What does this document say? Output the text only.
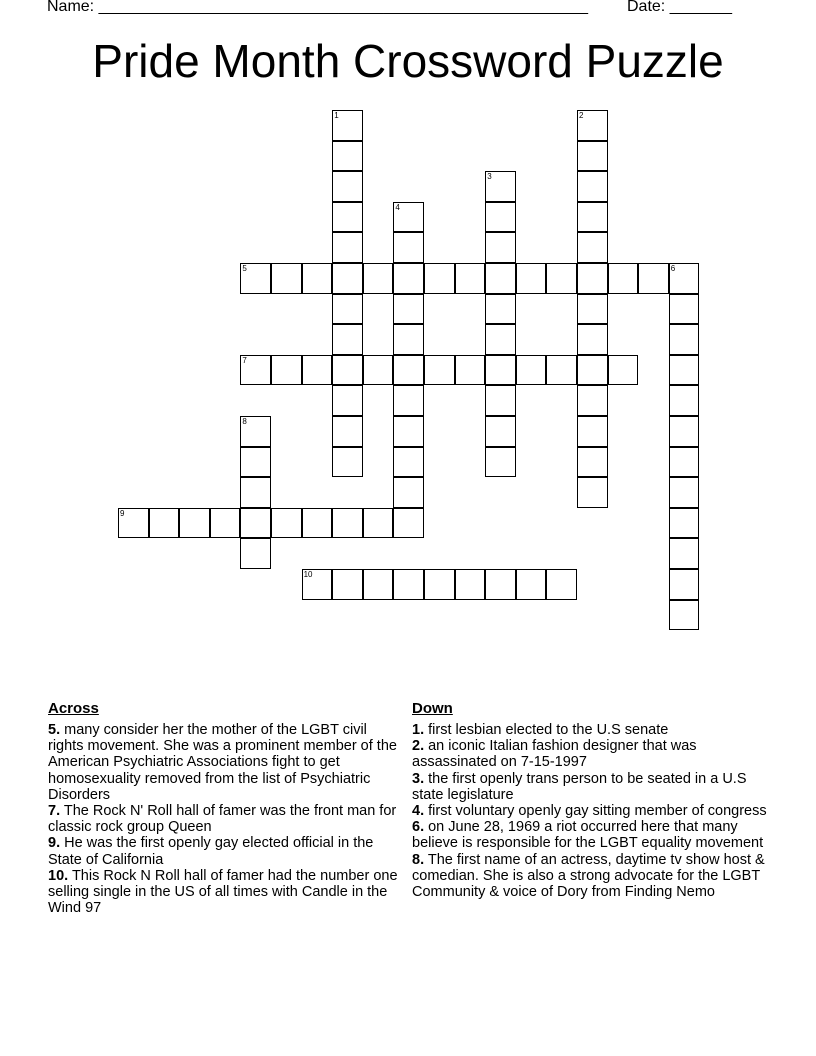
Name: _______________________________________________________ Date: _______
Pride Month Crossword Puzzle
1	2
3
4
5	6
7
8
9
10
Across

5. many consider her the mother of the LGBT civil rights movement. She was a prominent member of the American Psychiatric Associations fight to get homosexuality removed from the list of Psychiatric Disorders

7. The Rock N' Roll hall of famer was the front man for classic rock group Queen

9. He was the first openly gay elected official in the State of California

10. This Rock N Roll hall of famer had the number one selling single in the US of all times with Candle in the Wind 97

Down

1. first lesbian elected to the U.S senate

2. an iconic Italian fashion designer that was assassinated on 7-15-1997

3. the first openly trans person to be seated in a U.S state legislature

4. first voluntary openly gay sitting member of congress

6. on June 28, 1969 a riot occurred here that many believe is responsible for the LGBT equality movement

8. The first name of an actress, daytime tv show host & comedian. She is also a strong advocate for the LGBT Community & voice of Dory from Finding Nemo
